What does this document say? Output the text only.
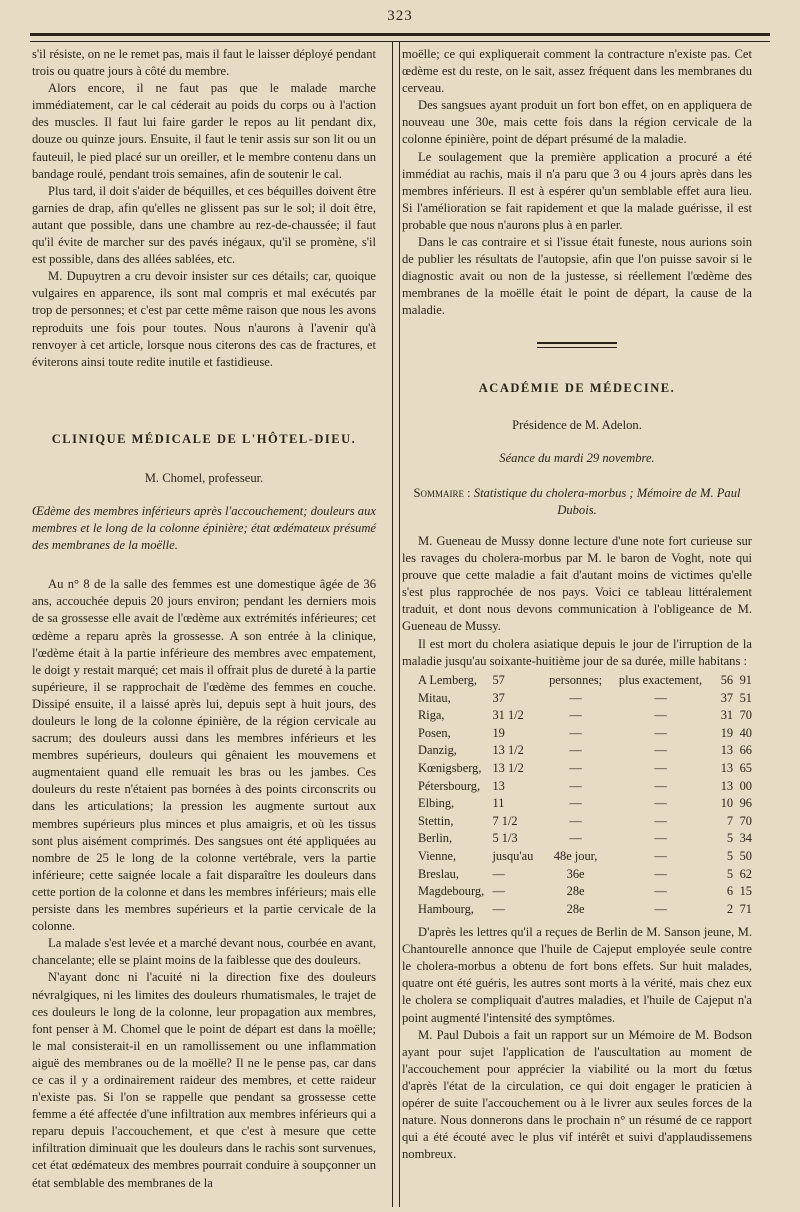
323

s'il résiste, on ne le remet pas, mais il faut le laisser déployé pendant trois ou quatre jours à côté du membre.

Alors encore, il ne faut pas que le malade marche immédiatement, car le cal céderait au poids du corps ou à l'action des muscles. Il faut lui faire garder le repos au lit pendant dix, douze ou quinze jours. Ensuite, il faut le tenir assis sur son lit ou un fauteuil, le pied placé sur un oreiller, et le membre contenu dans un bandage roulé, pendant trois semaines, afin de soutenir le cal.

Plus tard, il doit s'aider de béquilles, et ces béquilles doivent être garnies de drap, afin qu'elles ne glissent pas sur le sol; il doit être, autant que possible, dans une chambre au rez-de-chaussée; il faut qu'il évite de marcher sur des pavés inégaux, qu'il se promène, s'il est possible, dans des allées sablées, etc.

M. Dupuytren a cru devoir insister sur ces détails; car, quoique vulgaires en apparence, ils sont mal compris et mal exécutés par trop de personnes; et c'est par cette même raison que nous les avons reproduits une fois pour toutes. Nous n'aurons à l'avenir qu'à renvoyer à cet article, lorsque nous citerons des cas de fractures, et éviterons ainsi toute redite inutile et fastidieuse.

CLINIQUE MÉDICALE DE L'HÔTEL-DIEU.

M. Chomel, professeur.

Œdème des membres inférieurs après l'accouchement; douleurs aux membres et le long de la colonne épinière; état œdémateux présumé des membranes de la moëlle.

Au n° 8 de la salle des femmes est une domestique âgée de 36 ans, accouchée depuis 20 jours environ; pendant les derniers mois de sa grossesse elle avait de l'œdème aux extrémités inférieures; cet œdème a reparu après la grossesse. A son entrée à la clinique, l'œdème était à la partie inférieure des membres avec empatement, le doigt y restait marqué; cet mais il offrait plus de dureté à la partie supérieure, il se rapprochait de l'œdème des femmes en couche. Dissipé ensuite, il a laissé après lui, depuis sept à huit jours, des douleurs le long de la colonne épinière, de la région cervicale au sacrum; des douleurs aussi dans les membres inférieurs et les membres supérieurs, douleurs qui gênaient les mouvemens et augmentaient quand elle remuait les bras ou les jambes. Ces douleurs du reste n'étaient pas bornées à des points circonscrits ou dans les articulations; la pression les augmente surtout aux membres supérieurs plus minces et plus amaigris, et où les tissus sont plus aisément comprimés. Des sangsues ont été appliquées au nombre de 25 le long de la colonne vertébrale, vers la partie inférieure; cette saignée locale a fait disparaître les douleurs dans cette portion de la colonne et dans les membres inférieurs; mais elle persiste dans les membres supérieurs et la partie cervicale de la colonne.

La malade s'est levée et a marché devant nous, courbée en avant, chancelante; elle se plaint moins de la faiblesse que des douleurs.

N'ayant donc ni l'acuité ni la direction fixe des douleurs névralgiques, ni les limites des douleurs rhumatismales, le trajet de ces douleurs le long de la colonne, leur propagation aux membres, font penser à M. Chomel que le point de départ est dans la moëlle; le mal consisterait-il en un ramollissement ou une inflammation aiguë des membranes ou de la moëlle? Il ne le pense pas, car dans ce cas il y a ordinairement raideur des membres, et cette raideur n'existe pas. Si l'on se rappelle que pendant sa grossesse cette femme a été affectée d'une infiltration aux membres inférieurs qui a reparu depuis l'accouchement, et que c'est à mesure que cette infiltration diminuait que les douleurs dans le rachis sont survenues, cet état œdémateux des membres pourrait conduire à soupçonner un état semblable des membranes de la

moëlle; ce qui expliquerait comment la contracture n'existe pas. Cet œdème est du reste, on le sait, assez fréquent dans les membranes du cerveau.

Des sangsues ayant produit un fort bon effet, on en appliquera de nouveau une 30e, mais cette fois dans la région cervicale de la colonne épinière, point de départ présumé de la maladie.

Le soulagement que la première application a procuré a été immédiat au rachis, mais il n'a paru que 3 ou 4 jours après dans les membres inférieurs. Il est à espérer qu'un semblable effet aura lieu. Si l'amélioration se fait rapidement et que la malade guérisse, il est probable que nous n'aurons plus à en parler.

Dans le cas contraire et si l'issue était funeste, nous aurions soin de publier les résultats de l'autopsie, afin que l'on puisse savoir si le diagnostic avait ou non de la justesse, si réellement l'œdème des membranes de la moëlle était le point de départ, la cause de la maladie.

ACADÉMIE DE MÉDECINE.

Présidence de M. Adelon.

Séance du mardi 29 novembre.

Sommaire : Statistique du cholera-morbus ; Mémoire de M. Paul Dubois.

M. Gueneau de Mussy donne lecture d'une note fort curieuse sur les ravages du cholera-morbus par M. le baron de Voght, note qui prouve que cette maladie a fait d'autant moins de victimes qu'elle s'est plus rapprochée de nos pays. Voici ce tableau littéralement traduit, et dont nous devons communication à l'obligeance de M. Gueneau de Mussy.

Il est mort du cholera asiatique depuis le jour de l'irruption de la maladie jusqu'au soixante-huitième jour de sa durée, mille habitans :

A Lemberg,	57	personnes;	plus exactement,	56	91
Mitau,	37	—	—	37	51
Riga,	31 1/2	—	—	31	70
Posen,	19	—	—	19	40
Danzig,	13 1/2	—	—	13	66
Kœnigsberg,	13 1/2	—	—	13	65
Pétersbourg,	13	—	—	13	00
Elbing,	11	—	—	10	96
Stettin,	7 1/2	—	—	7	70
Berlin,	5 1/3	—	—	5	34
Vienne,	jusqu'au	48e jour,	—	5	50
Breslau,	—	36e	—	5	62
Magdebourg,	—	28e	—	6	15
Hambourg,	—	28e	—	2	71

D'après les lettres qu'il a reçues de Berlin de M. Sanson jeune, M. Chantourelle annonce que l'huile de Cajeput employée seule contre le cholera-morbus a obtenu de fort bons effets. Sur huit malades, quatre ont été guéris, les autres sont morts à la vérité, mais chez eux le cholera se compliquait d'autres maladies, et l'huile de Cajeput n'a point augmenté l'intensité des symptômes.

M. Paul Dubois a fait un rapport sur un Mémoire de M. Bodson ayant pour sujet l'application de l'auscultation au moment de l'accouchement pour apprécier la viabilité ou la mort du fœtus d'après l'état de la circulation, ce qui doit engager le praticien à opérer de suite l'accouchement ou à le livrer aux seules forces de la nature. Nous donnerons dans le prochain n° un résumé de ce rapport qui a été écouté avec le plus vif intérêt et suivi d'applaudissemens nombreux.
